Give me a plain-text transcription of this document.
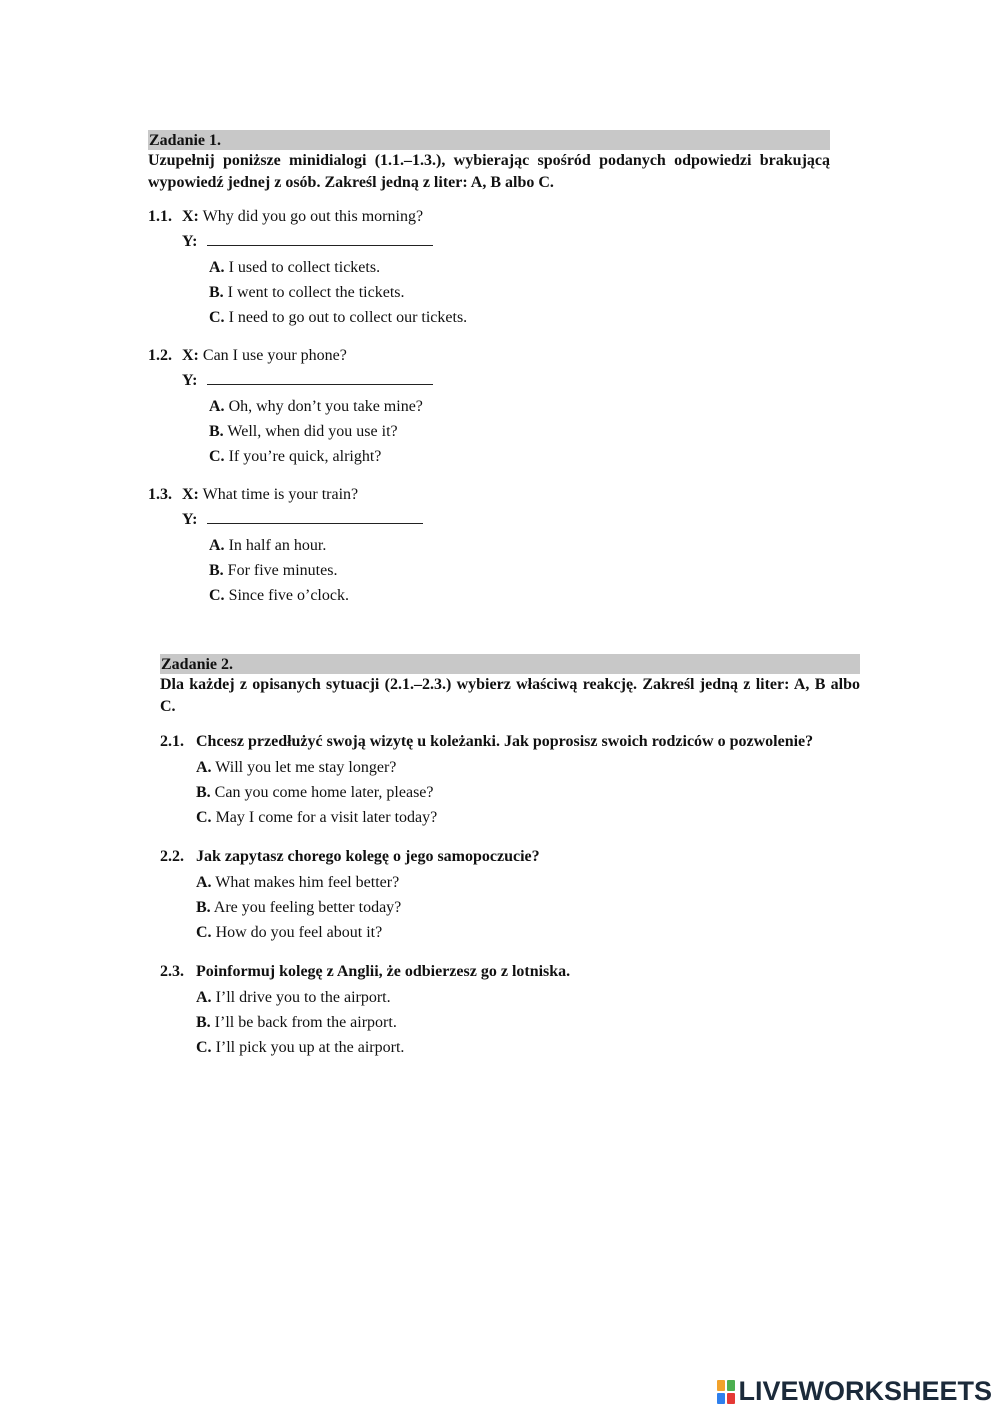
Zadanie 1.
Uzupełnij poniższe minidialogi (1.1.–1.3.), wybierając spośród podanych odpowiedzi brakującą wypowiedź jednej z osób. Zakreśl jedną z liter: A, B albo C.
1.1. X: Why did you go out this morning?
Y:
A. I used to collect tickets.
B. I went to collect the tickets.
C. I need to go out to collect our tickets.
1.2. X: Can I use your phone?
Y:
A. Oh, why don’t you take mine?
B. Well, when did you use it?
C. If you’re quick, alright?
1.3. X: What time is your train?
Y:
A. In half an hour.
B. For five minutes.
C. Since five o’clock.
Zadanie 2.
Dla każdej z opisanych sytuacji (2.1.–2.3.) wybierz właściwą reakcję. Zakreśl jedną z liter: A, B albo C.
2.1. Chcesz przedłużyć swoją wizytę u koleżanki. Jak poprosisz swoich rodziców o pozwolenie?
A. Will you let me stay longer?
B. Can you come home later, please?
C. May I come for a visit later today?
2.2. Jak zapytasz chorego kolegę o jego samopoczucie?
A. What makes him feel better?
B. Are you feeling better today?
C. How do you feel about it?
2.3. Poinformuj kolegę z Anglii, że odbierzesz go z lotniska.
A. I’ll drive you to the airport.
B. I’ll be back from the airport.
C. I’ll pick you up at the airport.
LIVEWORKSHEETS
